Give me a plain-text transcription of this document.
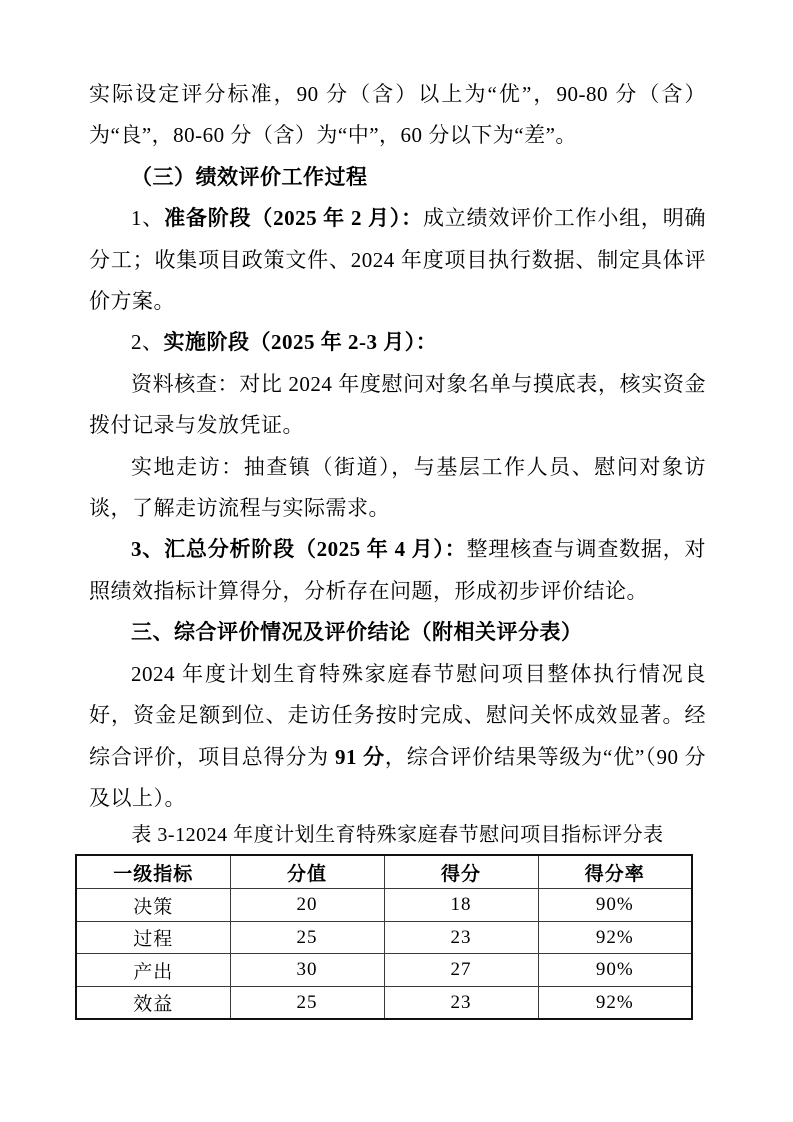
实际设定评分标准，90 分（含）以上为“优”，90-80 分（含）为“良”，80-60 分（含）为“中”，60 分以下为“差”。

（三）绩效评价工作过程

1、准备阶段（2025 年 2 月）：成立绩效评价工作小组，明确分工；收集项目政策文件、2024 年度项目执行数据、制定具体评价方案。

2、实施阶段（2025 年 2-3 月）：

资料核查：对比 2024 年度慰问对象名单与摸底表，核实资金拨付记录与发放凭证。

实地走访：抽查镇（街道），与基层工作人员、慰问对象访谈，了解走访流程与实际需求。

3、汇总分析阶段（2025 年 4 月）：整理核查与调查数据，对照绩效指标计算得分，分析存在问题，形成初步评价结论。

三、综合评价情况及评价结论（附相关评分表）

2024 年度计划生育特殊家庭春节慰问项目整体执行情况良好，资金足额到位、走访任务按时完成、慰问关怀成效显著。经综合评价，项目总得分为 91 分，综合评价结果等级为“优”（90 分及以上）。

表 3-12024 年度计划生育特殊家庭春节慰问项目指标评分表

一级指标	分值	得分	得分率
决策	20	18	90%
过程	25	23	92%
产出	30	27	90%
效益	25	23	92%
